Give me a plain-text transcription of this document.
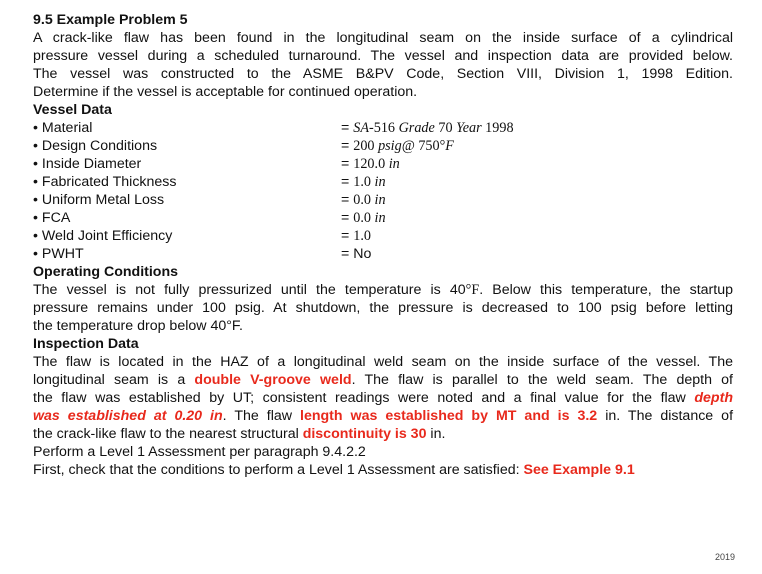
9.5 Example Problem 5
A crack-like flaw has been found in the longitudinal seam on the inside surface of a cylindrical
pressure vessel during a scheduled turnaround. The vessel and inspection data are provided below.
The vessel was constructed to the ASME B&PV Code, Section VIII, Division 1, 1998 Edition.
Determine if the vessel is acceptable for continued operation.
Vessel Data
• Material	= SA-516 Grade 70 Year 1998
• Design Conditions	= 200 psig@ 750°F
• Inside Diameter	= 120.0 in
• Fabricated Thickness	= 1.0 in
• Uniform Metal Loss	= 0.0 in
• FCA	= 0.0 in
• Weld Joint Efficiency	= 1.0
• PWHT	= No
Operating Conditions
The vessel is not fully pressurized until the temperature is 40°F. Below this temperature, the startup
pressure remains under 100 psig. At shutdown, the pressure is decreased to 100 psig before letting
the temperature drop below 40°F.
Inspection Data
The flaw is located in the HAZ of a longitudinal weld seam on the inside surface of the vessel. The
longitudinal seam is a double V-groove weld. The flaw is parallel to the weld seam. The depth of
the flaw was established by UT; consistent readings were noted and a final value for the flaw depth
was established at 0.20 in. The flaw length was established by MT and is 3.2 in. The distance of
the crack-like flaw to the nearest structural discontinuity is 30 in.
Perform a Level 1 Assessment per paragraph 9.4.2.2
First, check that the conditions to perform a Level 1 Assessment are satisfied: See Example 9.1
2019
